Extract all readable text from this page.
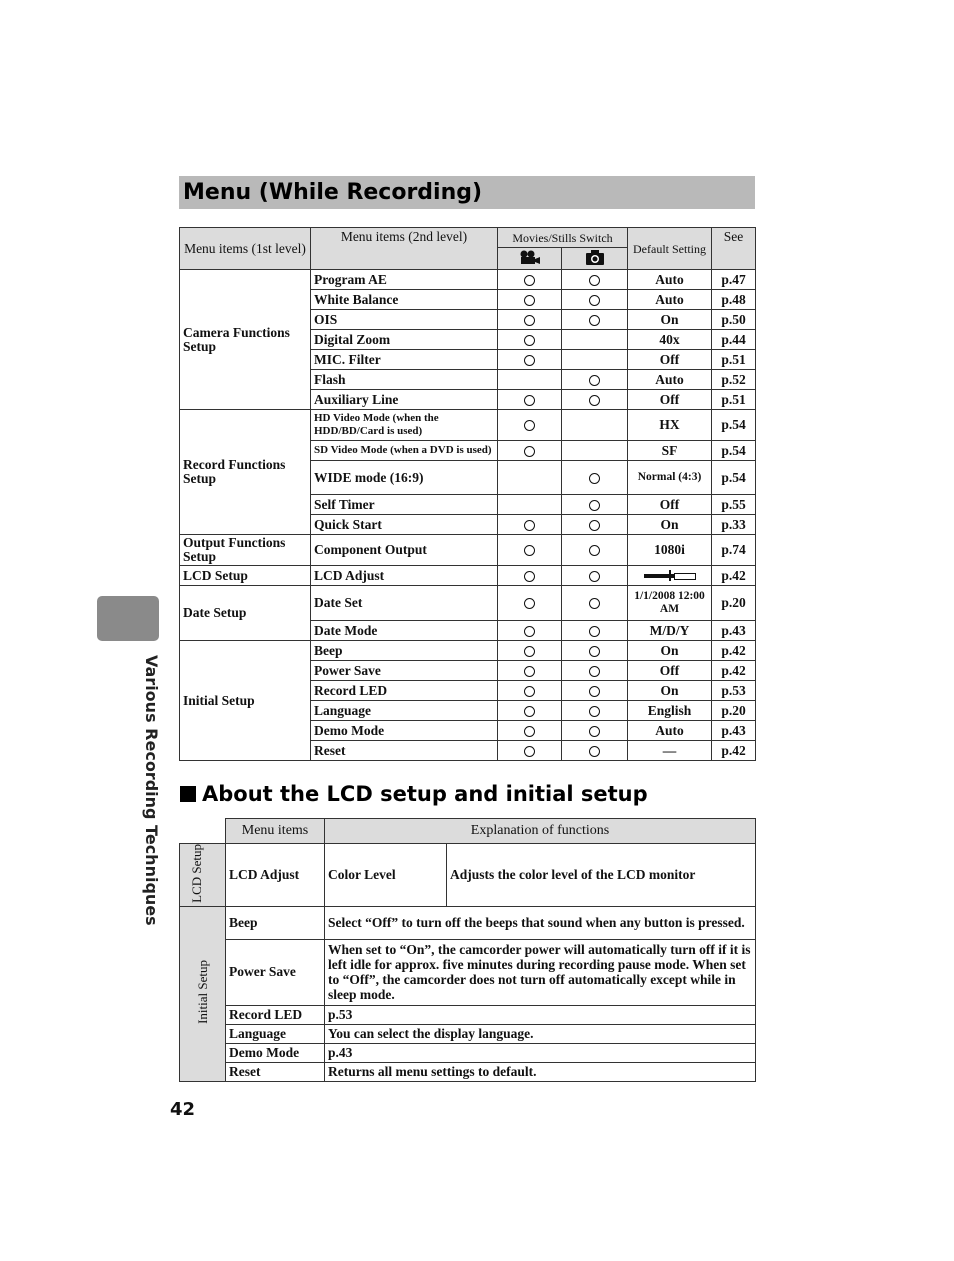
Menu (While Recording)
Menu items (1st level)	Menu items (2nd level)	Movies/Stills Switch		Default Setting	See

Camera Functions Setup	Program AE			Auto	p.47
	White Balance			Auto	p.48
	OIS			On	p.50
	Digital Zoom			40x	p.44
	MIC. Filter			Off	p.51
	Flash			Auto	p.52
	Auxiliary Line			Off	p.51
Record Functions Setup	HD Video Mode (when the HDD/BD/Card is used)			HX	p.54
	SD Video Mode (when a DVD is used)			SF	p.54
	WIDE mode (16:9)			Normal (4:3)	p.54
	Self Timer			Off	p.55
	Quick Start			On	p.33
Output Functions Setup	Component Output			1080i	p.74
LCD Setup	LCD Adjust				p.42
Date Setup	Date Set			1/1/2008 12:00 AM	p.20
	Date Mode			M/D/Y	p.43
Initial Setup	Beep			On	p.42
	Power Save			Off	p.42
	Record LED			On	p.53
	Language			English	p.20
	Demo Mode			Auto	p.43
	Reset			—	p.42
About the LCD setup and initial setup
	Menu items	Explanation of functions	
LCD Setup	LCD Adjust	Color Level	Adjusts the color level of the LCD monitor
Initial Setup	Beep	Select “Off” to turn off the beeps that sound when any button is pressed.	
	Power Save	When set to “On”, the camcorder power will automatically turn off if it is left idle for approx. five minutes during recording pause mode. When set to “Off”, the camcorder does not turn off automatically except while in sleep mode.	
	Record LED	p.53	
	Language	You can select the display language.	
	Demo Mode	p.43	
	Reset	Returns all menu settings to default.	
Various Recording Techniques
42
